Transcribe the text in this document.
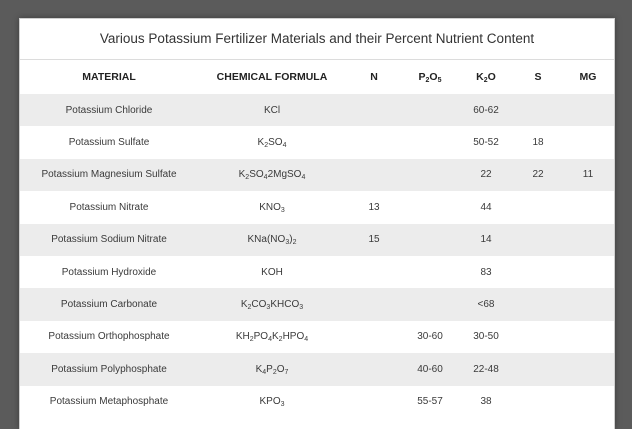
Various Potassium Fertilizer Materials and their Percent Nutrient Content
MATERIAL	CHEMICAL FORMULA	N	$P_2O_5$	$K_2O$	S	MG
Potassium Chloride	KCl			60-62		
Potassium Sulfate	$K_2SO_4$			50-52	18	
Potassium Magnesium Sulfate	$K_2SO_42MgSO_4$			22	22	11
Potassium Nitrate	$KNO_3$	13		44		
Potassium Sodium Nitrate	$KNa(NO_3)_2$	15		14		
Potassium Hydroxide	KOH			83		
Potassium Carbonate	$K_2CO_3KHCO_3$			<68		
Potassium Orthophosphate	$KH_2PO_4K_2HPO_4$		30-60	30-50		
Potassium Polyphosphate	$K_4P_2O_7$		40-60	22-48		
Potassium Metaphosphate	$KPO_3$		55-57	38		
